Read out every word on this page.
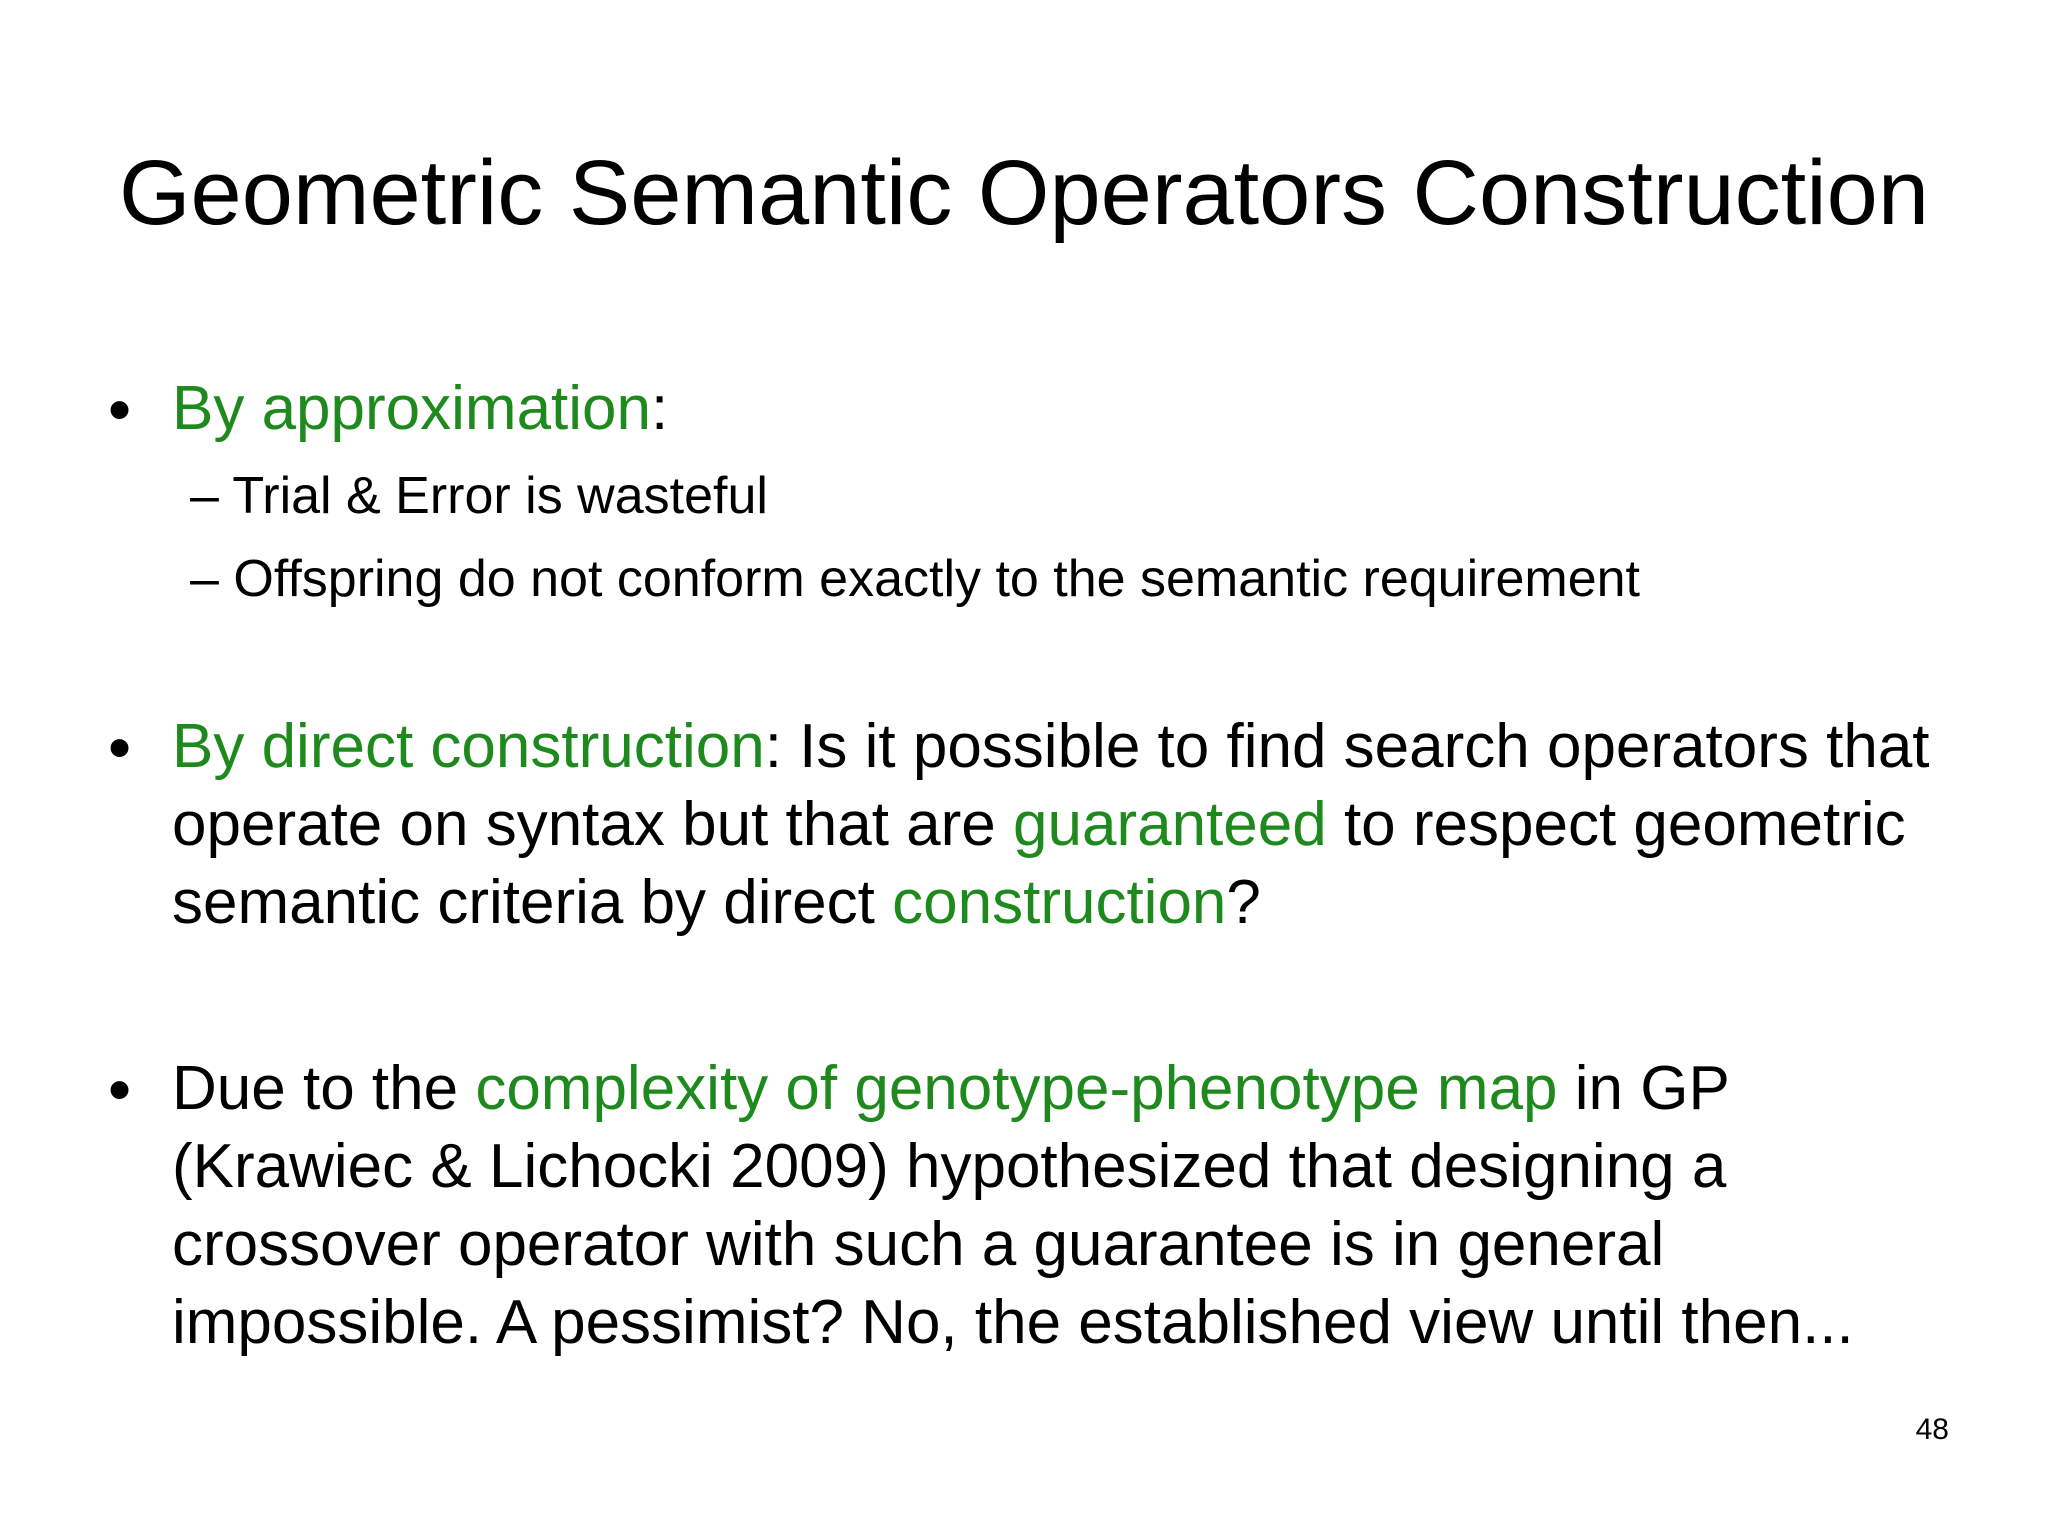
Geometric Semantic Operators Construction
• By approximation:
– Trial & Error is wasteful
– Offspring do not conform exactly to the semantic requirement
• By direct construction: Is it possible to find search operators that
operate on syntax but that are guaranteed to respect geometric
semantic criteria by direct construction?
• Due to the complexity of genotype-phenotype map in GP
(Krawiec & Lichocki 2009) hypothesized that designing a
crossover operator with such a guarantee is in general
impossible. A pessimist? No, the established view until then...
48
